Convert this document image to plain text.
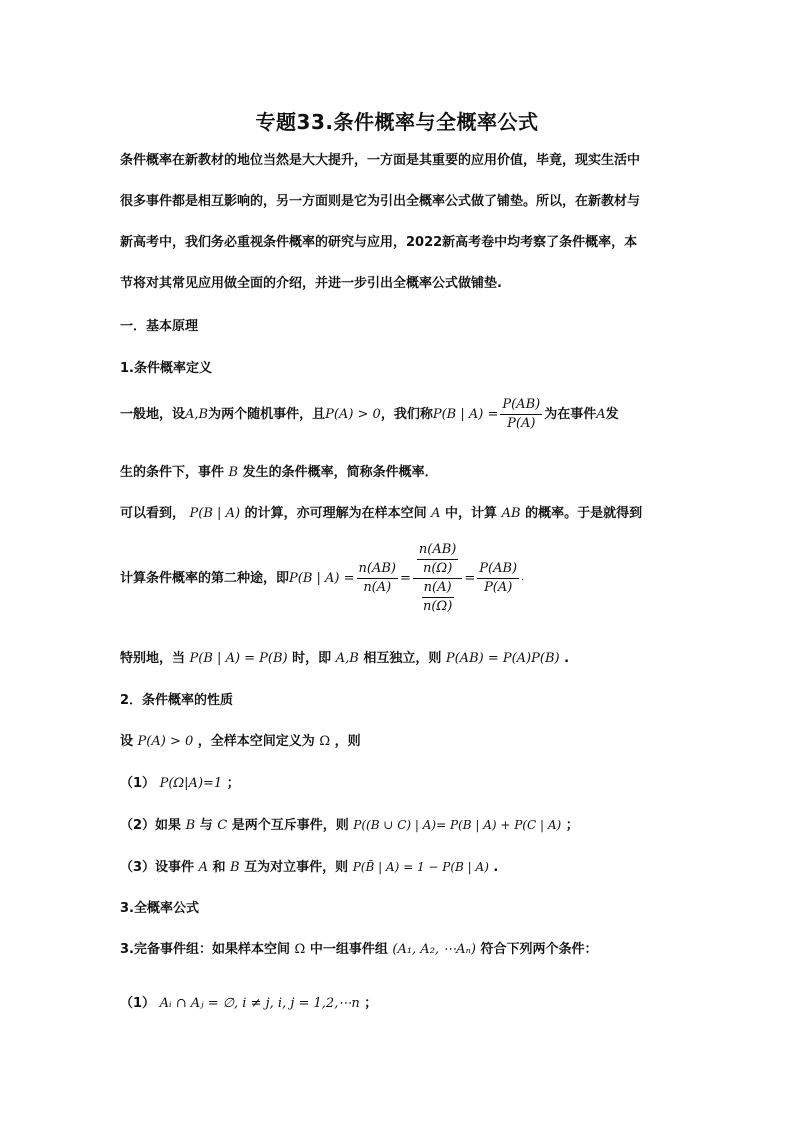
专题33.条件概率与全概率公式
条件概率在新教材的地位当然是大大提升，一方面是其重要的应用价值，毕竟，现实生活中
很多事件都是相互影响的，另一方面则是它为引出全概率公式做了铺垫。所以，在新教材与
新高考中，我们务必重视条件概率的研究与应用，2022新高考卷中均考察了条件概率，本
节将对其常见应用做全面的介绍，并进一步引出全概率公式做铺垫.
一．基本原理
1.条件概率定义
一般地，设 A,B 为两个随机事件，且 P(A) > 0 ，我们称 P(B | $A) = \frac{P(AB)}{P(A)}$ 为在事件 A 发
生的条件下，事件 B 发生的条件概率，简称条件概率．
可以看到， P(B | A) 的计算，亦可理解为在样本空间 A 中，计算 AB 的概率。于是就得到
计算条件概率的第二种途，即 P(B | $A) = \frac{n(AB)}{n(A)} = \frac{\frac{n(AB)}{n(\Omega)}}{\frac{n(A)}{n(\Omega)}} = \frac{P(AB)}{P(A)}$ .
特别地，当 P(B | A) = P(B) 时，即 A,B 相互独立，则 P(AB) = P(A)P(B) .
2．条件概率的性质
设 P(A) > 0 ，全样本空间定义为 Ω ，则
（1） P(Ω|A)=1 ；
（2）如果 B 与 C 是两个互斥事件，则 P((B ∪ C) | A)= P(B | A) + P(C | A) ；
（3）设事件 A 和 B 互为对立事件，则 P(B̄ | A) = 1 − P(B | A) .
3.全概率公式
3.完备事件组：如果样本空间 Ω 中一组事件组 (A₁, A₂, ⋯Aₙ) 符合下列两个条件：
（1） Aᵢ ∩ Aⱼ = ∅, i ≠ j, i, j = 1,2,⋯n ；
